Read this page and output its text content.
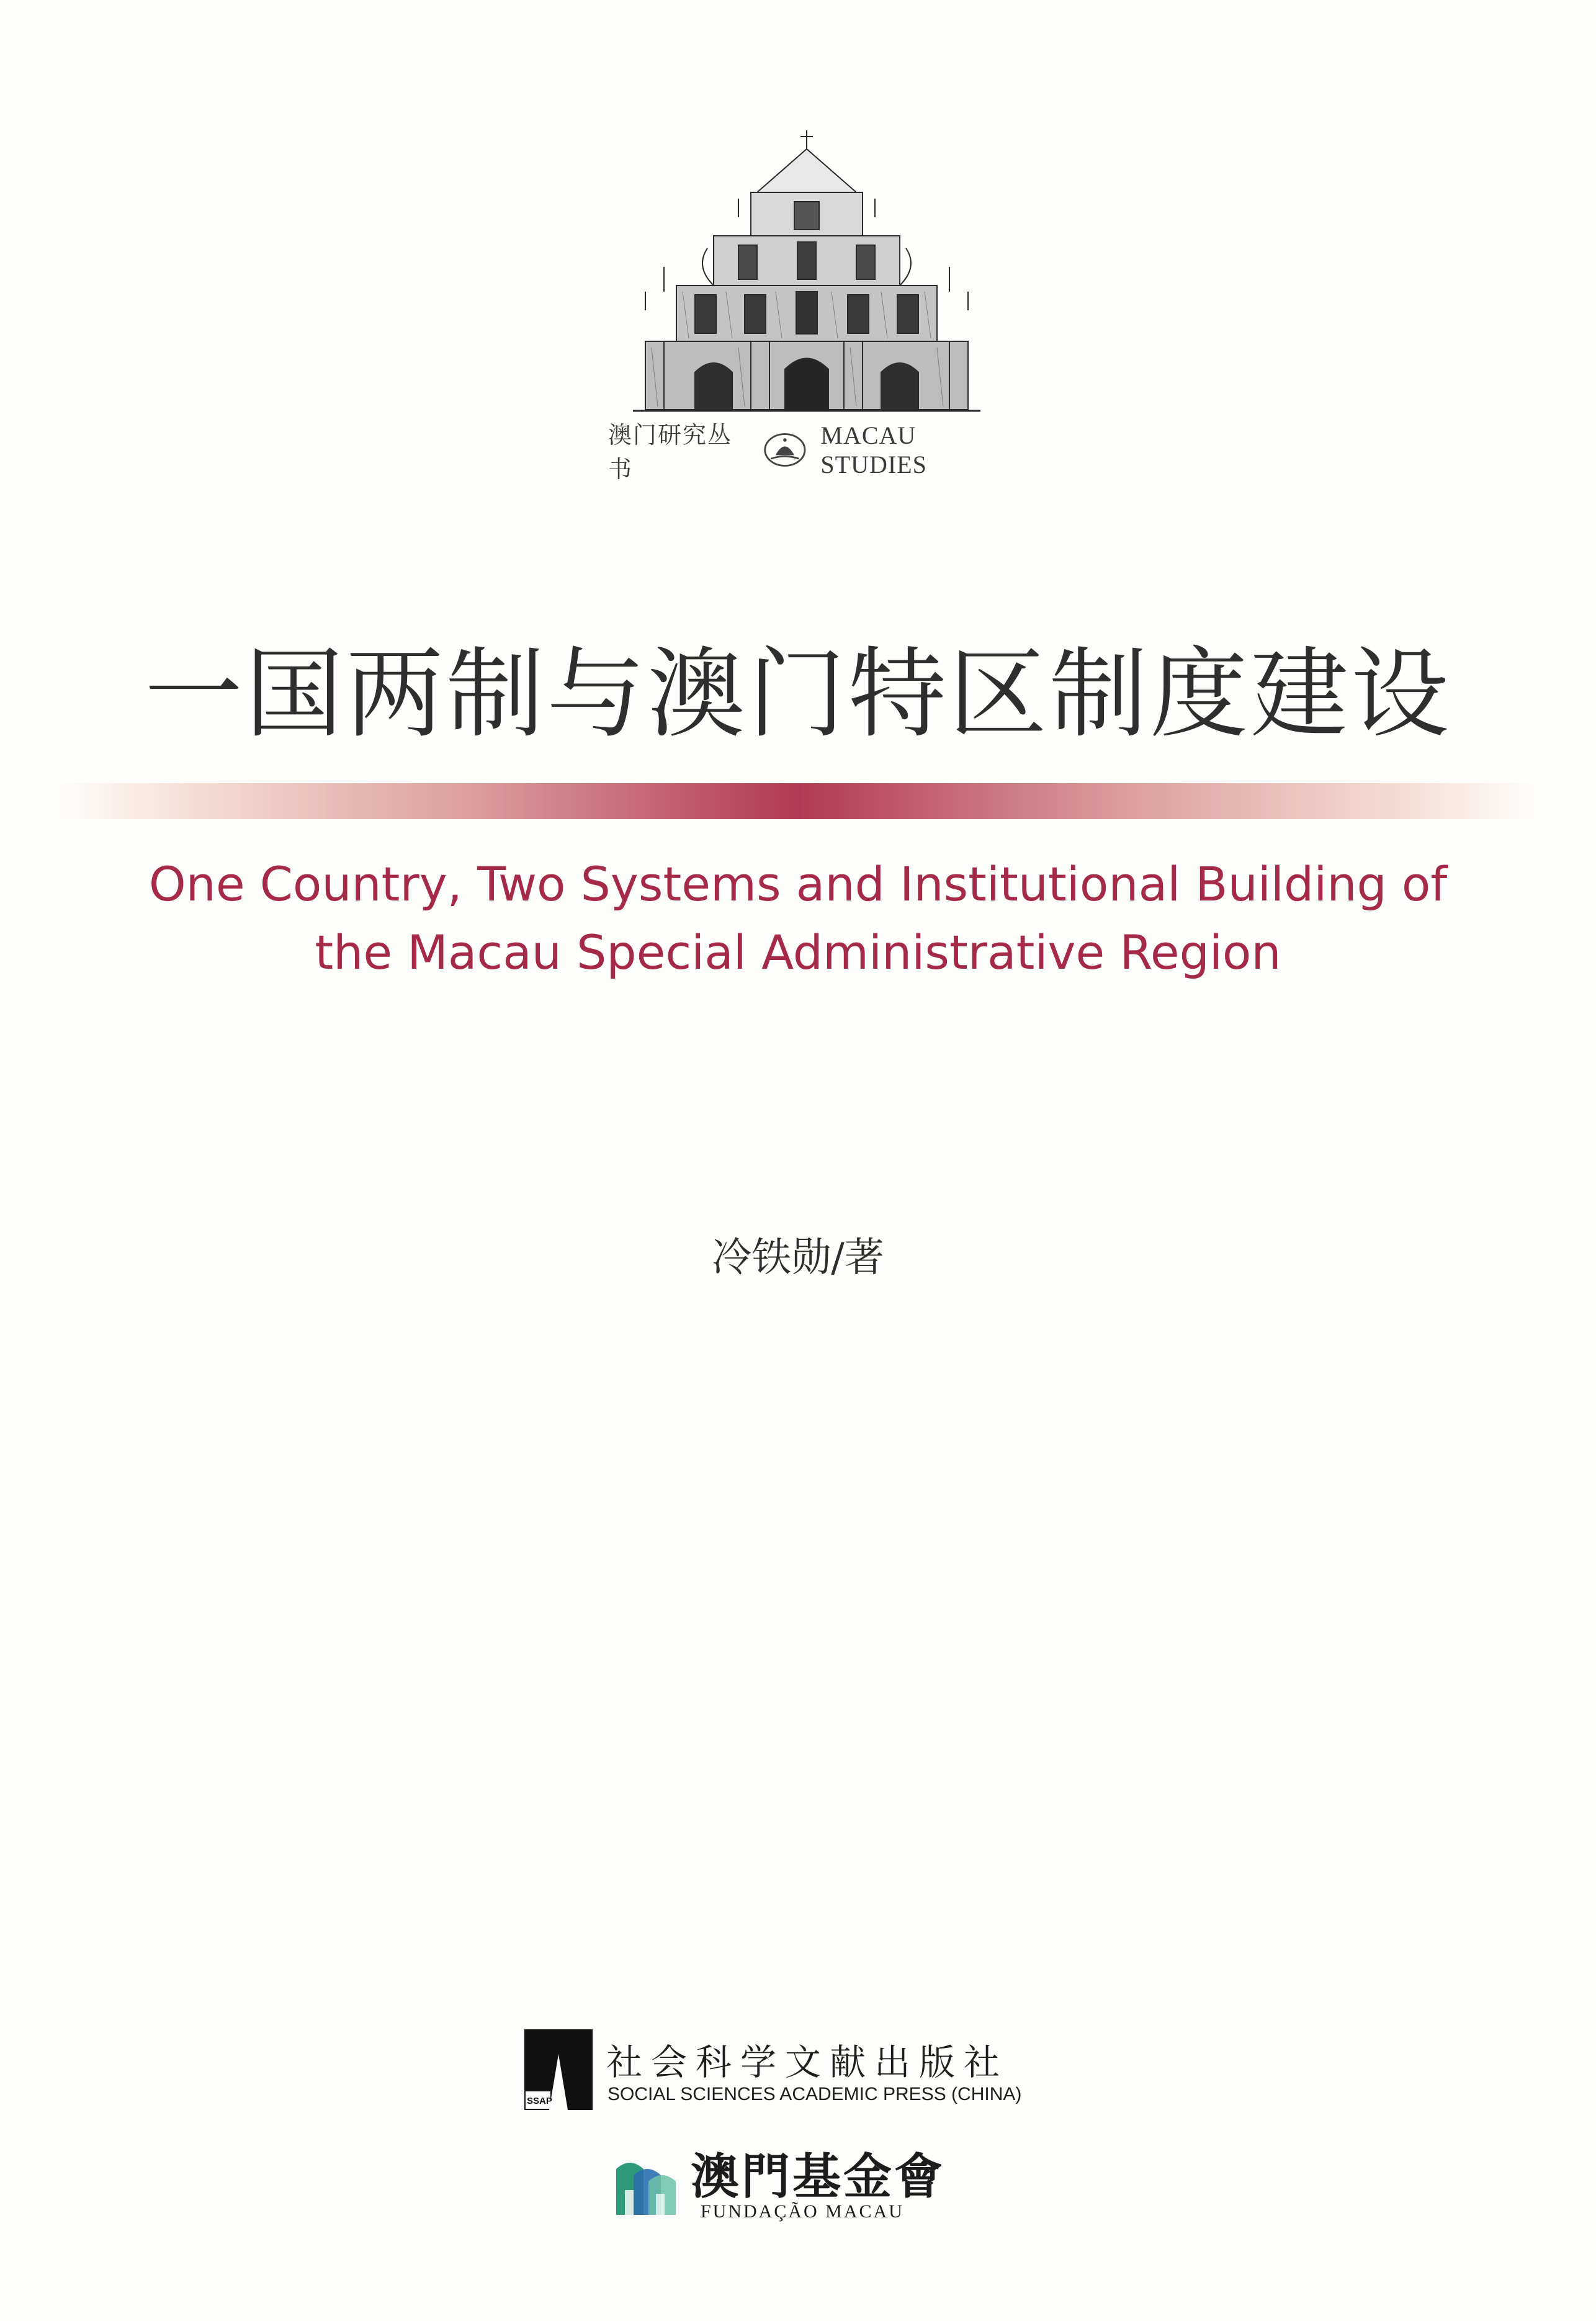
澳门研究丛书
MACAU STUDIES
一国两制与澳门特区制度建设
One Country, Two Systems and Institutional Building of
the Macau Special Administrative Region
冷铁勋/著
SSAP
社会科学文献出版社
SOCIAL SCIENCES ACADEMIC PRESS (CHINA)
澳門基金會
FUNDAÇÃO MACAU
